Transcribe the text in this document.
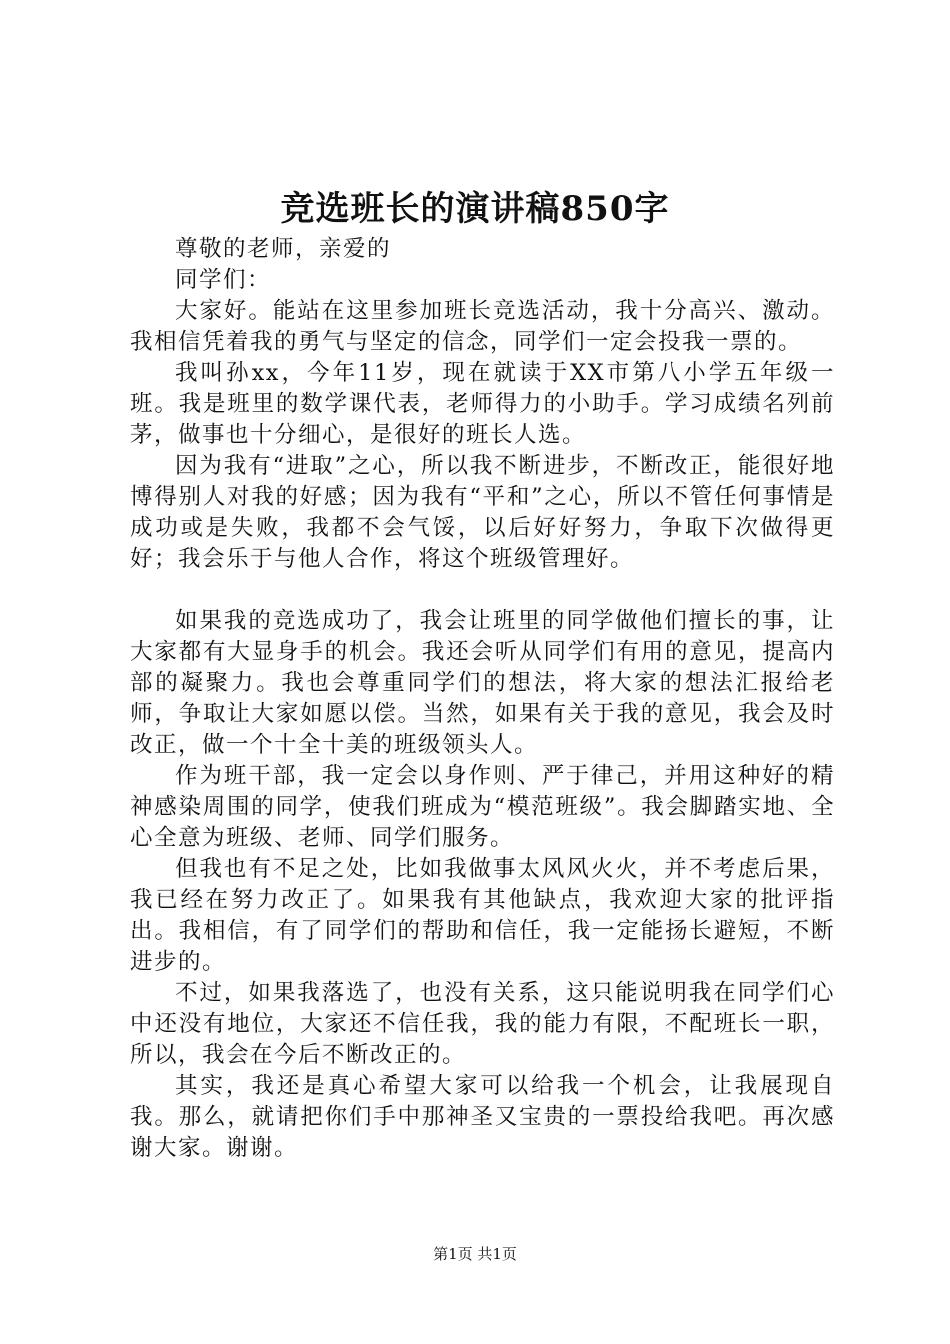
竞选班长的演讲稿850字

尊敬的老师，亲爱的

同学们：

大家好。能站在这里参加班长竞选活动，我十分高兴、激动。我相信凭着我的勇气与坚定的信念，同学们一定会投我一票的。

我叫孙xx，今年11岁，现在就读于XX市第八小学五年级一班。我是班里的数学课代表，老师得力的小助手。学习成绩名列前茅，做事也十分细心，是很好的班长人选。

因为我有“进取”之心，所以我不断进步，不断改正，能很好地博得别人对我的好感；因为我有“平和”之心，所以不管任何事情是成功或是失败，我都不会气馁，以后好好努力，争取下次做得更好；我会乐于与他人合作，将这个班级管理好。

如果我的竞选成功了，我会让班里的同学做他们擅长的事，让大家都有大显身手的机会。我还会听从同学们有用的意见，提高内部的凝聚力。我也会尊重同学们的想法，将大家的想法汇报给老师，争取让大家如愿以偿。当然，如果有关于我的意见，我会及时改正，做一个十全十美的班级领头人。

作为班干部，我一定会以身作则、严于律己，并用这种好的精神感染周围的同学，使我们班成为“模范班级”。我会脚踏实地、全心全意为班级、老师、同学们服务。

但我也有不足之处，比如我做事太风风火火，并不考虑后果，我已经在努力改正了。如果我有其他缺点，我欢迎大家的批评指出。我相信，有了同学们的帮助和信任，我一定能扬长避短，不断进步的。

不过，如果我落选了，也没有关系，这只能说明我在同学们心中还没有地位，大家还不信任我，我的能力有限，不配班长一职，所以，我会在今后不断改正的。

其实，我还是真心希望大家可以给我一个机会，让我展现自我。那么，就请把你们手中那神圣又宝贵的一票投给我吧。再次感谢大家。谢谢。

第1页 共1页
